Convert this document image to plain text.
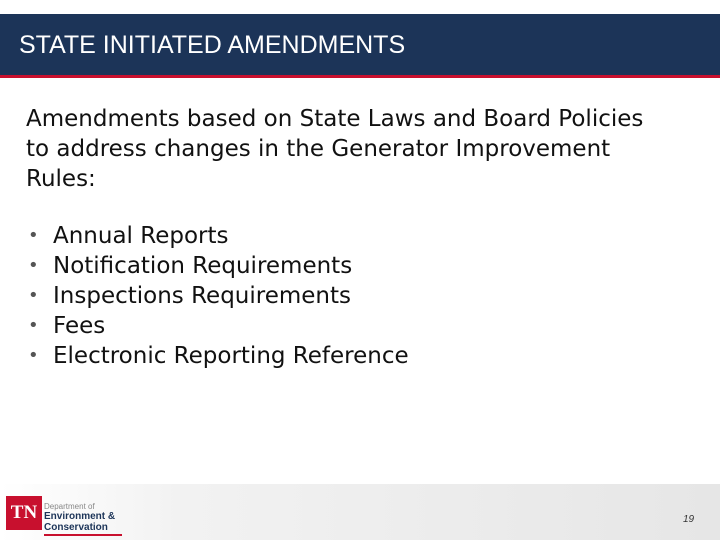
STATE INITIATED AMENDMENTS
Amendments based on State Laws and Board Policies
to address changes in the Generator Improvement
Rules:
• Annual Reports
• Notification Requirements
• Inspections Requirements
• Fees
• Electronic Reporting Reference
TN Department of
Environment &
Conservation
19
